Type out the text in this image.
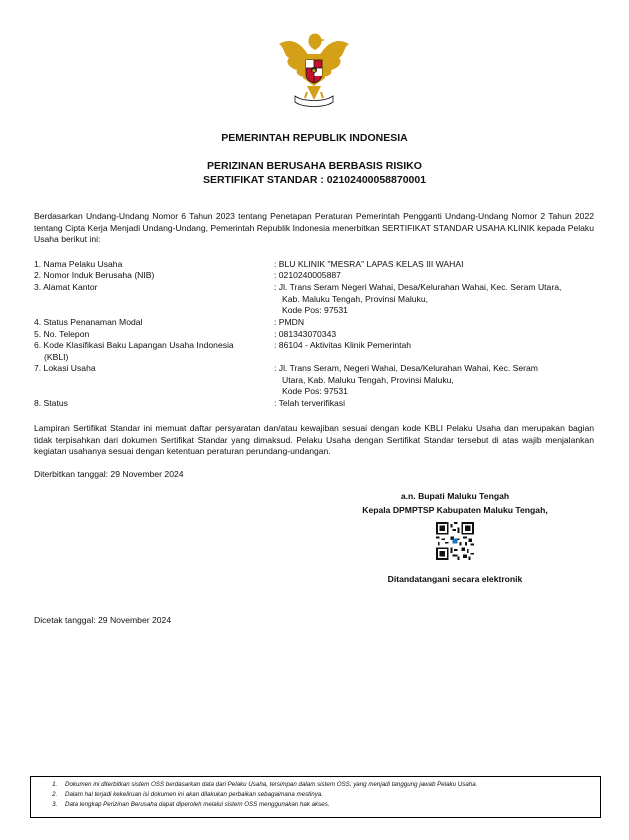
PEMERINTAH REPUBLIK INDONESIA
PERIZINAN BERUSAHA BERBASIS RISIKO
SERTIFIKAT STANDAR : 02102400058870001
Berdasarkan Undang-Undang Nomor 6 Tahun 2023 tentang Penetapan Peraturan Pemerintah Pengganti Undang-Undang Nomor 2 Tahun 2022 tentang Cipta Kerja Menjadi Undang-Undang, Pemerintah Republik Indonesia menerbitkan SERTIFIKAT STANDAR USAHA KLINIK kepada Pelaku Usaha berikut ini:
1. Nama Pelaku Usaha	: BLU KLINIK "MESRA" LAPAS KELAS III WAHAI
2. Nomor Induk Berusaha (NIB)	: 0210240005887
3. Alamat Kantor	: Jl. Trans Seram Negeri Wahai, Desa/Kelurahan Wahai, Kec. Seram Utara,
Kab. Maluku Tengah, Provinsi Maluku,
Kode Pos: 97531
4. Status Penanaman Modal	: PMDN
5. No. Telepon	: 081343070343
6. Kode Klasifikasi Baku Lapangan Usaha Indonesia
(KBLI)
: 86104 - Aktivitas Klinik Pemerintah
7. Lokasi Usaha	: Jl. Trans Seram, Negeri Wahai, Desa/Kelurahan Wahai, Kec. Seram
Utara, Kab. Maluku Tengah, Provinsi Maluku,
Kode Pos: 97531
8. Status	: Telah terverifikasi
Lampiran Sertifikat Standar ini memuat daftar persyaratan dan/atau kewajiban sesuai dengan kode KBLI Pelaku Usaha dan merupakan bagian tidak terpisahkan dari dokumen Sertifikat Standar yang dimaksud. Pelaku Usaha dengan Sertifikat Standar tersebut di atas wajib menjalankan kegiatan usahanya sesuai dengan ketentuan peraturan perundang-undangan.
Diterbitkan tanggal: 29 November 2024
a.n. Bupati Maluku Tengah
Kepala DPMPTSP Kabupaten Maluku Tengah,
Ditandatangani secara elektronik
Dicetak tanggal: 29 November 2024
1. Dokumen ini diterbitkan sistem OSS berdasarkan data dari Pelaku Usaha, tersimpan dalam sistem OSS, yang menjadi tanggung jawab Pelaku Usaha.
2. Dalam hal terjadi kekeliruan isi dokumen ini akan dilakukan perbaikan sebagaimana mestinya.
3. Data lengkap Perizinan Berusaha dapat diperoleh melalui sistem OSS menggunakan hak akses.
